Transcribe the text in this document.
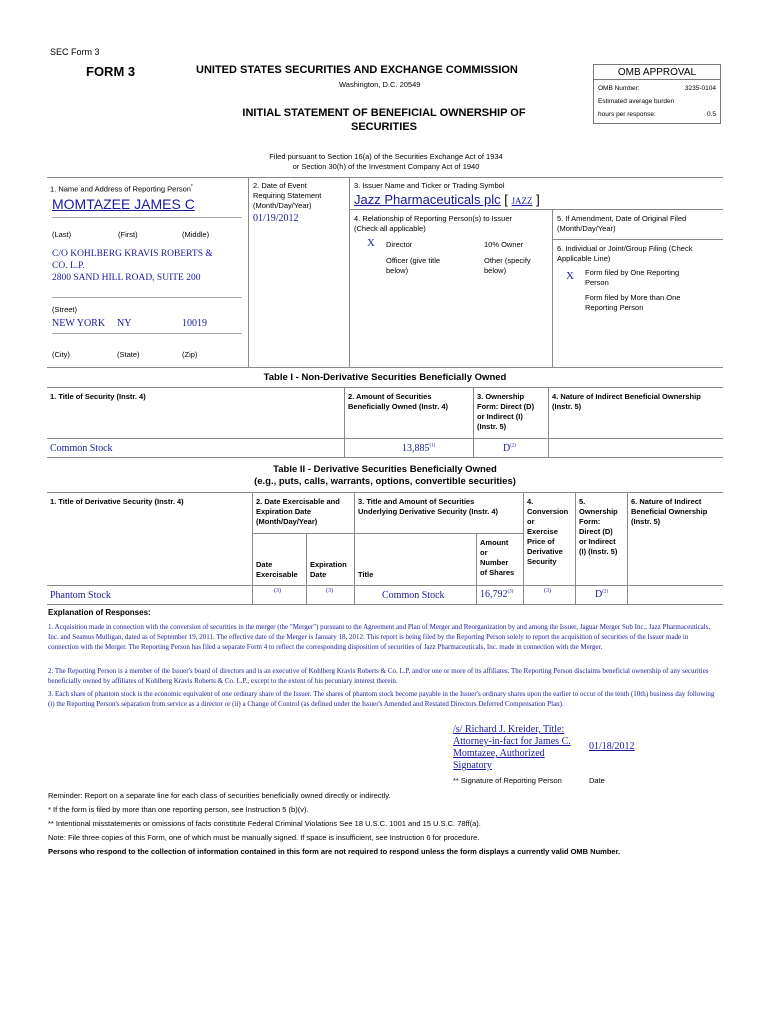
SEC Form 3
FORM 3	UNITED STATES SECURITIES AND EXCHANGE COMMISSION
Washington, D.C. 20549
INITIAL STATEMENT OF BENEFICIAL OWNERSHIP OF
SECURITIES
OMB APPROVAL
OMB Number:	3235-0104
Estimated average burden
hours per response:	0.5
Filed pursuant to Section 16(a) of the Securities Exchange Act of 1934
or Section 30(h) of the Investment Company Act of 1940
1. Name and Address of Reporting Person*
MOMTAZEE JAMES C
(Last)	(First)	(Middle)
C/O KOHLBERG KRAVIS ROBERTS &
CO. L.P.
2800 SAND HILL ROAD, SUITE 200
(Street)
NEW YORK NY	10019
(City)	(State)	(Zip)
2. Date of Event
Requiring Statement
(Month/Day/Year)
01/19/2012
3. Issuer Name and Ticker or Trading Symbol
Jazz Pharmaceuticals plc [ JAZZ ]
4. Relationship of Reporting Person(s) to Issuer
(Check all applicable)
X Director	10% Owner
Officer (give title
below)
Other (specify
below)
5. If Amendment, Date of Original Filed
(Month/Day/Year)
6. Individual or Joint/Group Filing (Check
Applicable Line)
X Form filed by One Reporting
Person
Form filed by More than One
Reporting Person
Table I - Non-Derivative Securities Beneficially Owned
1. Title of Security (Instr. 4)	2. Amount of Securities
Beneficially Owned (Instr. 4)
3. Ownership
Form: Direct (D)
or Indirect (I)
(Instr. 5)
4. Nature of Indirect Beneficial Ownership
(Instr. 5)
Common Stock	13,885$^{(1)}$	$D^{(2)}$
Table II - Derivative Securities Beneficially Owned
(e.g., puts, calls, warrants, options, convertible securities)
1. Title of Derivative Security (Instr. 4)	2. Date Exercisable and
Expiration Date
(Month/Day/Year)
Date
Exercisable
Expiration
Date
3. Title and Amount of Securities
Underlying Derivative Security (Instr. 4)
Title
Amount
or
Number
of Shares
4.
Conversion
or
Exercise
Price of
Derivative
Security
5.
Ownership
Form:
Direct (D)
or Indirect
(I) (Instr. 5)
6. Nature of Indirect
Beneficial Ownership
(Instr. 5)
Phantom Stock	(3)	(3)	Common Stock	16,792$^{(3)}$	(3)	$D^{(2)}$
Explanation of Responses:
1. Acquisition made in connection with the conversion of securities in the merger (the "Merger") pursuant to the Agreement and Plan of Merger and Reorganization by and among the Issuer, Jaguar Merger Sub Inc., Jazz Pharmaceuticals, Inc. and Seamus Mulligan, dated as of September 19, 2011. The effective date of the Merger is January 18, 2012. This report is being filed by the Reporting Person solely to report the acquisition of securities of the Issuer made in connection with the Merger. The Reporting Person has filed a separate Form 4 to reflect the corresponding disposition of securities of Jazz Pharmaceuticals, Inc. made in connection with the Merger.
2. The Reporting Person is a member of the Issuer's board of directors and is an executive of Kohlberg Kravis Roberts & Co. L.P. and/or one or more of its affiliates. The Reporting Person disclaims beneficial ownership of any securities beneficially owned by affiliates of Kohlberg Kravis Roberts & Co. L.P., except to the extent of his pecuniary interest therein.
3. Each share of phantom stock is the economic equivalent of one ordinary share of the Issuer. The shares of phantom stock become payable in the Issuer's ordinary shares upon the earlier to occur of the tenth (10th) business day following (i) the Reporting Person's separation from service as a director or (ii) a Change of Control (as defined under the Issuer's Amended and Restated Directors Deferred Compensation Plan).
/s/ Richard J. Kreider, Title:
Attorney-in-fact for James C.
Momtazee, Authorized
Signatory
01/18/2012
** Signature of Reporting Person	Date
Reminder: Report on a separate line for each class of securities beneficially owned directly or indirectly.
* If the form is filed by more than one reporting person, see Instruction 5 (b)(v).
** Intentional misstatements or omissions of facts constitute Federal Criminal Violations See 18 U.S.C. 1001 and 15 U.S.C. 78ff(a).
Note: File three copies of this Form, one of which must be manually signed. If space is insufficient, see Instruction 6 for procedure.
Persons who respond to the collection of information contained in this form are not required to respond unless the form displays a currently valid OMB Number.
